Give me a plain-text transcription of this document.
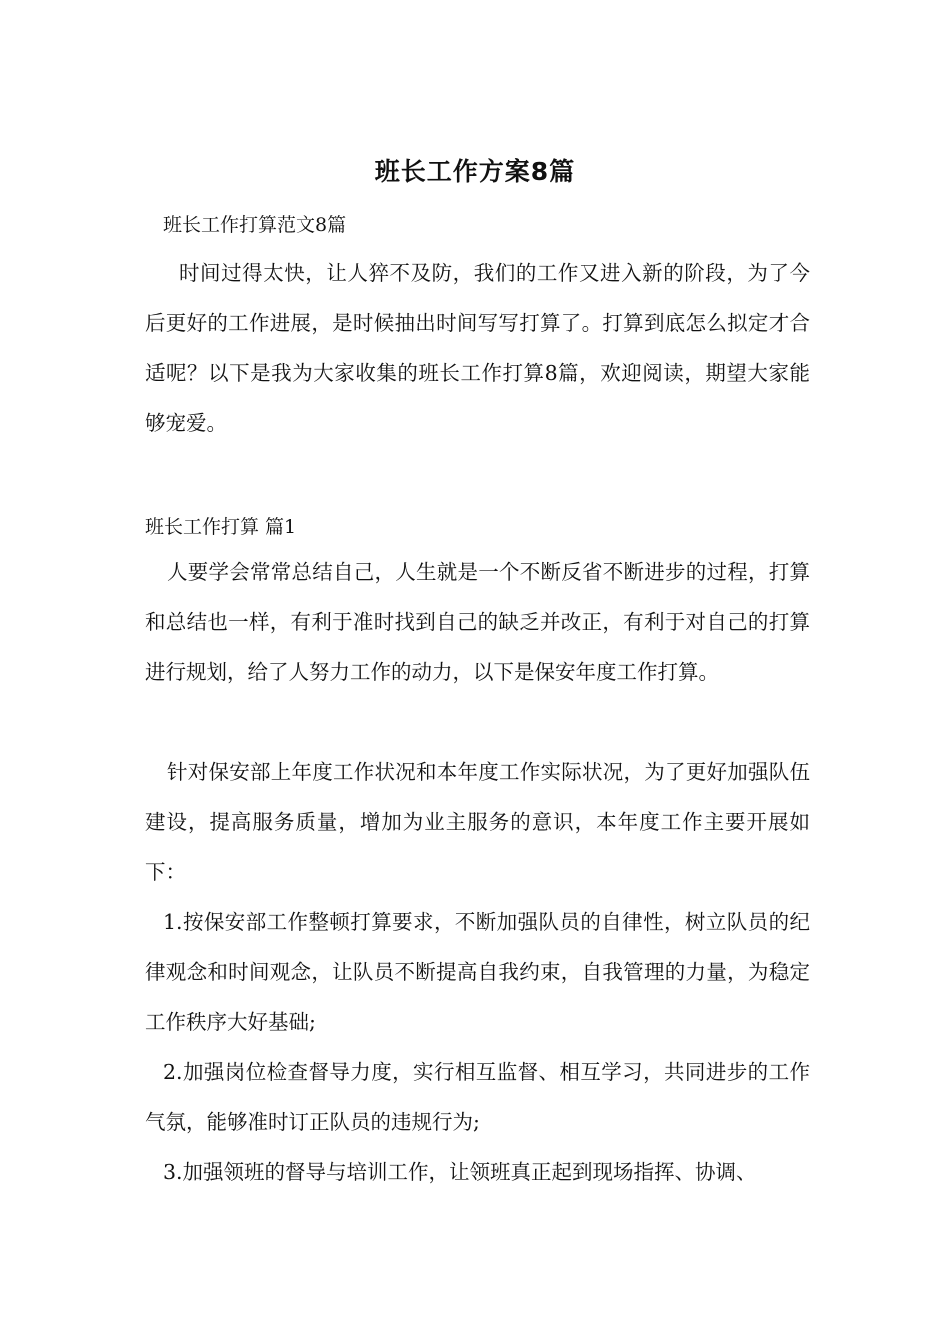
班长工作方案8篇
班长工作打算范文8篇

时间过得太快，让人猝不及防，我们的工作又进入新的阶段，为了今后更好的工作进展，是时候抽出时间写写打算了。打算到底怎么拟定才合适呢？以下是我为大家收集的班长工作打算8篇，欢迎阅读，期望大家能够宠爱。

班长工作打算 篇1

人要学会常常总结自己，人生就是一个不断反省不断进步的过程，打算和总结也一样，有利于准时找到自己的缺乏并改正，有利于对自己的打算进行规划，给了人努力工作的动力，以下是保安年度工作打算。

针对保安部上年度工作状况和本年度工作实际状况，为了更好加强队伍建设，提高服务质量，增加为业主服务的意识，本年度工作主要开展如下：

1.按保安部工作整顿打算要求，不断加强队员的自律性，树立队员的纪律观念和时间观念，让队员不断提高自我约束，自我管理的力量，为稳定工作秩序大好基础;

2.加强岗位检查督导力度，实行相互监督、相互学习，共同进步的工作气氛，能够准时订正队员的违规行为;

3.加强领班的督导与培训工作，让领班真正起到现场指挥、协调、
